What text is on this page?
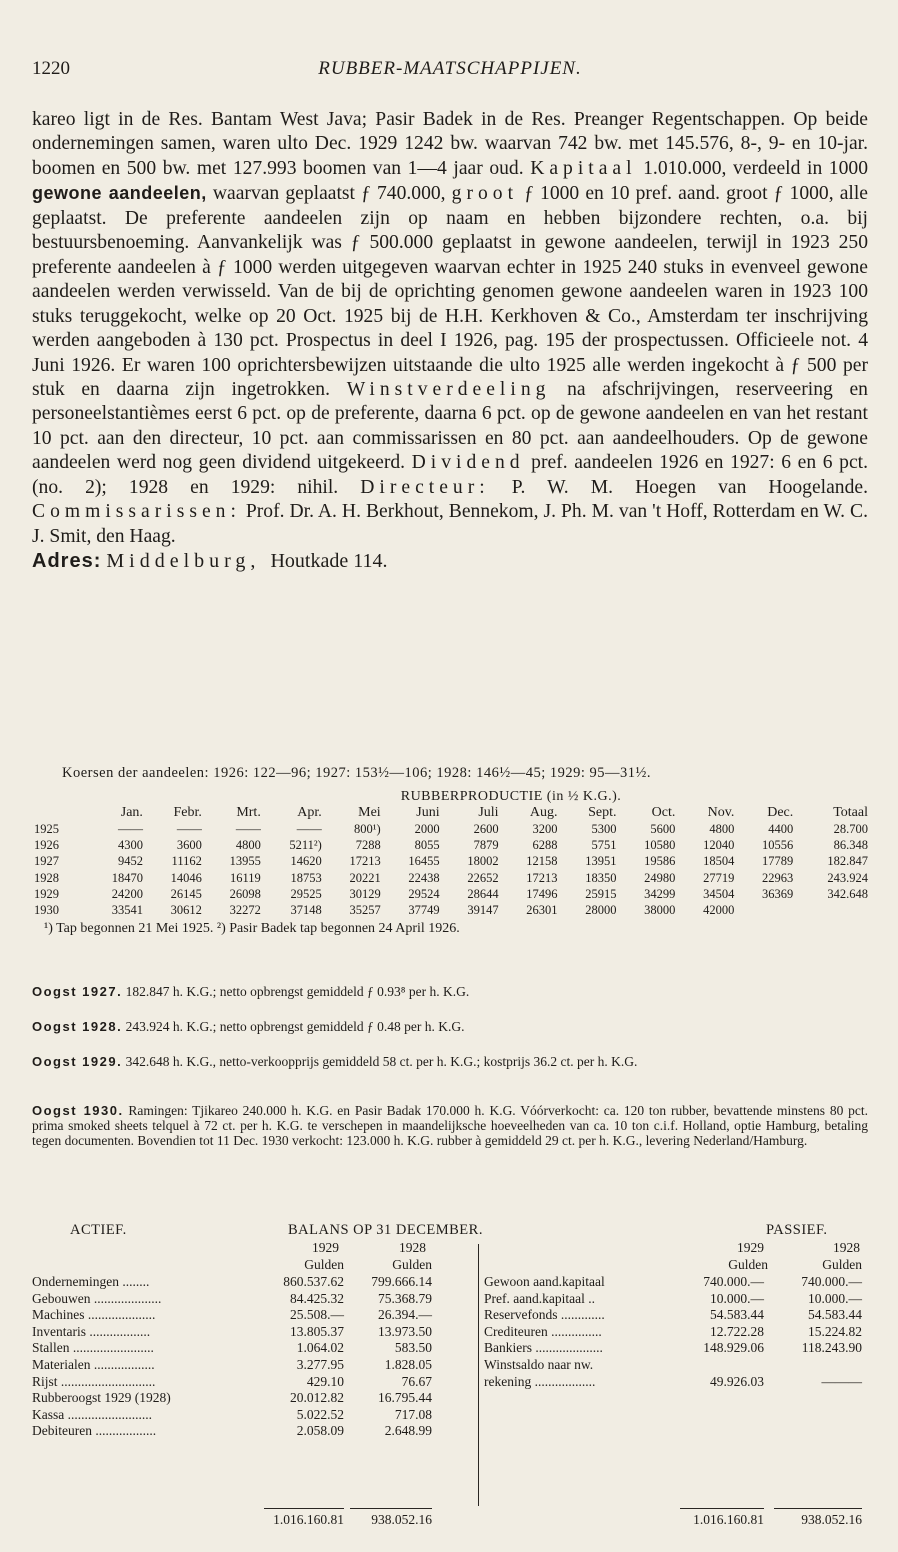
1220	RUBBER-MAATSCHAPPIJEN.

kareo ligt in de Res. Bantam West Java; Pasir Badek in de Res. Preanger Regentschappen. Op beide ondernemingen samen, waren ulto Dec. 1929 1242 bw. waarvan 742 bw. met 145.576, 8-, 9- en 10-jar. boomen en 500 bw. met 127.993 boomen van 1—4 jaar oud. Kapitaal 1.010.000, verdeeld in 1000 gewone aandeelen, waarvan geplaatst ƒ 740.000, groot ƒ 1000 en 10 pref. aand. groot ƒ 1000, alle geplaatst. De preferente aandeelen zijn op naam en hebben bijzondere rechten, o.a. bij bestuursbenoeming. Aanvankelijk was ƒ 500.000 geplaatst in gewone aandeelen, terwijl in 1923 250 preferente aandeelen à ƒ 1000 werden uitgegeven waarvan echter in 1925 240 stuks in evenveel gewone aandeelen werden verwisseld. Van de bij de oprichting genomen gewone aandeelen waren in 1923 100 stuks teruggekocht, welke op 20 Oct. 1925 bij de H.H. Kerkhoven & Co., Amsterdam ter inschrijving werden aangeboden à 130 pct. Prospectus in deel I 1926, pag. 195 der prospectussen. Officieele not. 4 Juni 1926. Er waren 100 oprichtersbewijzen uitstaande die ulto 1925 alle werden ingekocht à ƒ 500 per stuk en daarna zijn ingetrokken. Winstverdeeling na afschrijvingen, reserveering en personeelstantièmes eerst 6 pct. op de preferente, daarna 6 pct. op de gewone aandeelen en van het restant 10 pct. aan den directeur, 10 pct. aan commissarissen en 80 pct. aan aandeelhouders. Op de gewone aandeelen werd nog geen dividend uitgekeerd. Dividend pref. aandeelen 1926 en 1927: 6 en 6 pct. (no. 2); 1928 en 1929: nihil. Directeur: P. W. M. Hoegen van Hoogelande. Commissarissen: Prof. Dr. A. H. Berkhout, Bennekom, J. Ph. M. van 't Hoff, Rotterdam en W. C. J. Smit, den Haag.

Adres: Middelburg, Houtkade 114.

Koersen der aandeelen: 1926: 122—96; 1927: 153½—106; 1928: 146½—45; 1929: 95—31½.
RUBBERPRODUCTIE (in ½ K.G.).
	Jan.	Febr.	Mrt.	Apr.	Mei	Juni	Juli	Aug.	Sept.	Oct.	Nov.	Dec.	Totaal
1925	——	——	——	——	800¹)	2000	2600	3200	5300	5600	4800	4400	28.700
1926	4300	3600	4800	5211²)	7288	8055	7879	6288	5751	10580	12040	10556	86.348
1927	9452	11162	13955	14620	17213	16455	18002	12158	13951	19586	18504	17789	182.847
1928	18470	14046	16119	18753	20221	22438	22652	17213	18350	24980	27719	22963	243.924
1929	24200	26145	26098	29525	30129	29524	28644	17496	25915	34299	34504	36369	342.648
1930	33541	30612	32272	37148	35257	37749	39147	26301	28000	38000	42000		
¹) Tap begonnen 21 Mei 1925. ²) Pasir Badek tap begonnen 24 April 1926.
Oogst 1927. 182.847 h. K.G.; netto opbrengst gemiddeld ƒ 0.93⁸ per h. K.G.
Oogst 1928. 243.924 h. K.G.; netto opbrengst gemiddeld ƒ 0.48 per h. K.G.
Oogst 1929. 342.648 h. K.G., netto-verkoopprijs gemiddeld 58 ct. per h. K.G.; kostprijs 36.2 ct. per h. K.G.
Oogst 1930. Ramingen: Tjikareo 240.000 h. K.G. en Pasir Badak 170.000 h. K.G. Vóórverkocht: ca. 120 ton rubber, bevattende minstens 80 pct. prima smoked sheets telquel à 72 ct. per h. K.G. te verschepen in maandelijksche hoeveelheden van ca. 10 ton c.i.f. Holland, optie Hamburg, betaling tegen documenten. Bovendien tot 11 Dec. 1930 verkocht: 123.000 h. K.G. rubber à gemiddeld 29 ct. per h. K.G., levering Nederland/Hamburg.
ACTIEF.	BALANS OP 31 DECEMBER.	PASSIEF.
1929	1928	1929	1928
Gulden	Gulden	Gulden	Gulden
Ondernemingen ........	860.537.62	799.666.14
Gebouwen ....................	84.425.32	75.368.79
Machines ....................	25.508.—	26.394.—
Inventaris ..................	13.805.37	13.973.50
Stallen ........................	1.064.02	583.50
Materialen ..................	3.277.95	1.828.05
Rijst ............................	429.10	76.67
Rubberoogst 1929 (1928)	20.012.82	16.795.44
Kassa .........................	5.022.52	717.08
Debiteuren ..................	2.058.09	2.648.99
Gewoon aand.kapitaal	740.000.—	740.000.—
Pref. aand.kapitaal ..	10.000.—	10.000.—
Reservefonds .............	54.583.44	54.583.44
Crediteuren ...............	12.722.28	15.224.82
Bankiers ....................	148.929.06	118.243.90
Winstsaldo naar nw.
rekening ..................	49.926.03	———
1.016.160.81	938.052.16	1.016.160.81	938.052.16
